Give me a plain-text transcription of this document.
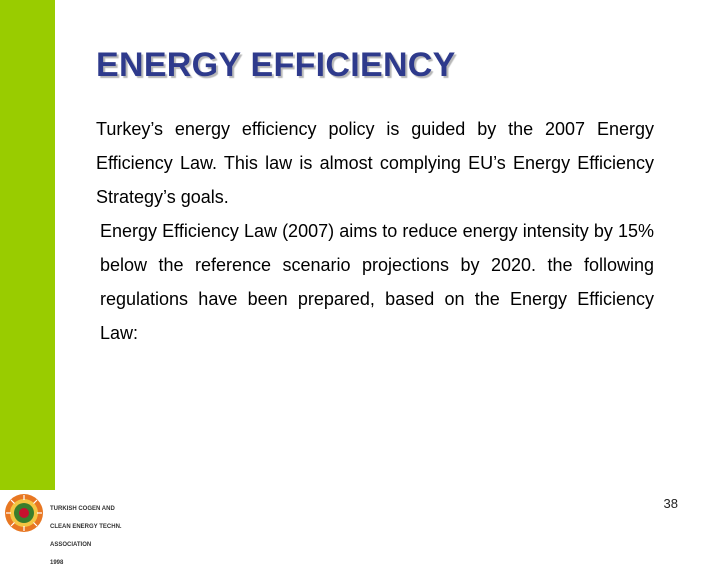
ENERGY EFFICIENCY

Turkey’s energy efficiency policy is guided by the 2007 Energy Efficiency Law. This law is almost complying EU’s Energy Efficiency Strategy’s goals.

Energy Efficiency Law (2007) aims to reduce energy intensity by 15% below the reference scenario projections by 2020. the following regulations have been prepared, based on the Energy Efficiency Law:

TURKISH COGEN AND

CLEAN ENERGY TECHN.

ASSOCIATION

1998

38
